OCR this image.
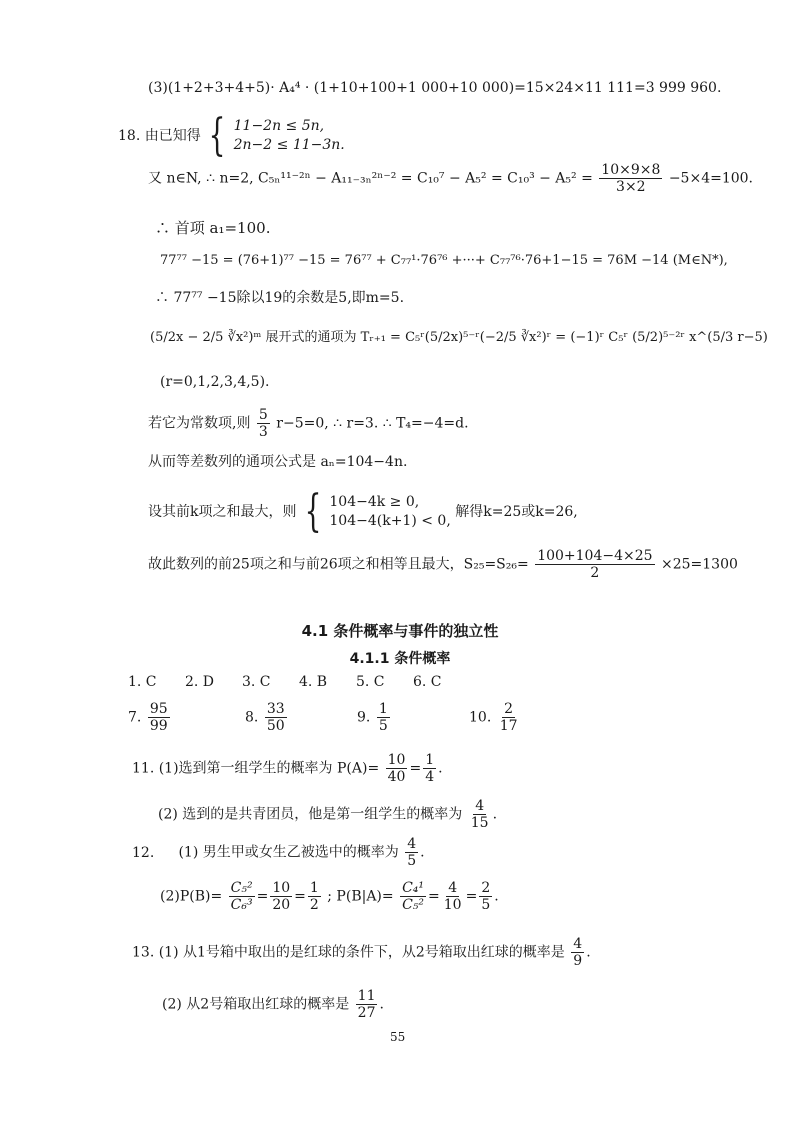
(3)(1+2+3+4+5)· A₄⁴ · (1+10+100+1 000+10 000)=15×24×11 111=3 999 960.
18. 由已知得 { 11−2n ≤ 5n,
2n−2 ≤ 11−3n.
又 n∈N, ∴ n=2, $C_{5n}^{11-2n} - A_{11-3n}^{2n-2} = C_{10}^7 - A_5^2 = C_{10}^3 - A_5^2 = \frac{10\times 9\times 8}{3\times 2} -5\times 4=100$.
∴ 首项 a₁=100.
77⁷⁷ −15 = (76+1)⁷⁷ −15 = 76⁷⁷ + C₇₇¹·76⁷⁶ +···+ C₇₇⁷⁶·76+1−15 = 76M −14 (M∈N*),
∴ 77⁷⁷ −15除以19的余数是5,即m=5.
(5/2x − 2/5 ∛x²)ᵐ 展开式的通项为 Tᵣ₊₁ = C₅ʳ(5/2x)⁵⁻ʳ(−2/5 ∛x²)ʳ = (−1)ʳ C₅ʳ (5/2)⁵⁻²ʳ x^(5/3 r−5)
(r=0,1,2,3,4,5).
若它为常数项,则 $\frac{5}{3} r-5=0$, ∴ r=3. ∴ T₄=−4=d.
从而等差数列的通项公式是 aₙ=104−4n.
设其前k项之和最大，则 { 104−4k ≥ 0,
104−4(k+1) < 0,
解得k=25或k=26,
故此数列的前25项之和与前26项之和相等且最大，$S_{25}=S_{26}= \frac{100+104-4\times 25}{2} \times 25=1300$
4.1 条件概率与事件的独立性
4.1.1 条件概率
1. C 2. D 3. C 4. B 5. C 6. C
7. $\frac{95}{99}$	8. $\frac{33}{50}$	9. $\frac{1}{5}$	10. $\frac{2}{17}$
11. (1)选到第一组学生的概率为 $P(A)= \frac{10}{40} = \frac{1}{4}$ .
(2) 选到的是共青团员，他是第一组学生的概率为 $\frac{4}{15}$ .
12. (1) 男生甲或女生乙被选中的概率为 $\frac{4}{5}$ .
$(2)P(B)= \frac{\text{C₅²}}{\text{C₆³}} = \frac{10}{20} = \frac{1}{2}$ ; $P(B|A)= \frac{\text{C₄¹}}{\text{C₅²}} = \frac{4}{10} = \frac{2}{5}$ .
13. (1) 从1号箱中取出的是红球的条件下，从2号箱取出红球的概率是 $\frac{4}{9}$ .
(2) 从2号箱取出红球的概率是 $\frac{11}{27}$ .
55
